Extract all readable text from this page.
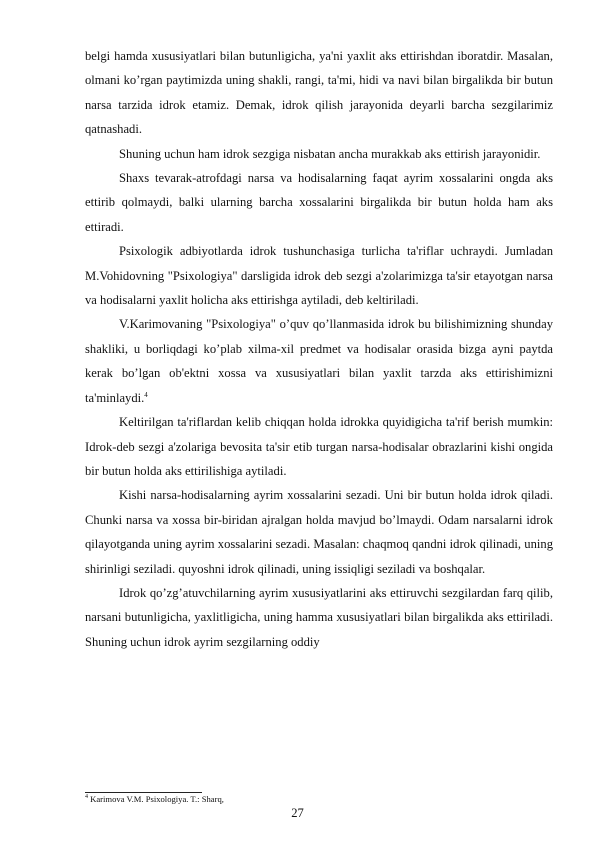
belgi hamda xususiyatlari bilan butunligicha, ya'ni yaxlit aks ettirishdan iboratdir. Masalan, olmani ko’rgan paytimizda uning shakli, rangi, ta'mi, hidi va navi bilan birgalikda bir butun narsa tarzida idrok etamiz. Demak, idrok qilish jarayonida deyarli barcha sezgilarimiz qatnashadi.

Shuning uchun ham idrok sezgiga nisbatan ancha murakkab aks ettirish jarayonidir.

Shaxs tevarak-atrofdagi narsa va hodisalarning faqat ayrim xossalarini ongda aks ettirib qolmaydi, balki ularning barcha xossalarini birgalikda bir butun holda ham aks ettiradi.

Psixologik adbiyotlarda idrok tushunchasiga turlicha ta'riflar uchraydi. Jumladan M.Vohidovning "Psixologiya" darsligida idrok deb sezgi a'zolarimizga ta'sir etayotgan narsa va hodisalarni yaxlit holicha aks ettirishga aytiladi, deb keltiriladi.

V.Karimovaning "Psixologiya" o’quv qo’llanmasida idrok bu bilishimizning shunday shakliki, u borliqdagi ko’plab xilma-xil predmet va hodisalar orasida bizga ayni paytda kerak bo’lgan ob'ektni xossa va xususiyatlari bilan yaxlit tarzda aks ettirishimizni ta'minlaydi.$^4$

Keltirilgan ta'riflardan kelib chiqqan holda idrokka quyidigicha ta'rif berish mumkin: Idrok-deb sezgi a'zolariga bevosita ta'sir etib turgan narsa-hodisalar obrazlarini kishi ongida bir butun holda aks ettirilishiga aytiladi.

Kishi narsa-hodisalarning ayrim xossalarini sezadi. Uni bir butun holda idrok qiladi. Chunki narsa va xossa bir-biridan ajralgan holda mavjud bo’lmaydi. Odam narsalarni idrok qilayotganda uning ayrim xossalarini sezadi. Masalan: chaqmoq qandni idrok qilinadi, uning shirinligi seziladi. quyoshni idrok qilinadi, uning issiqligi seziladi va boshqalar.

Idrok qo’zg’atuvchilarning ayrim xususiyatlarini aks ettiruvchi sezgilardan farq qilib, narsani butunligicha, yaxlitligicha, uning hamma xususiyatlari bilan birgalikda aks ettiriladi. Shuning uchun idrok ayrim sezgilarning oddiy

$^4$ Karimova V.M. Psixologiya. T.: Sharq,
27
